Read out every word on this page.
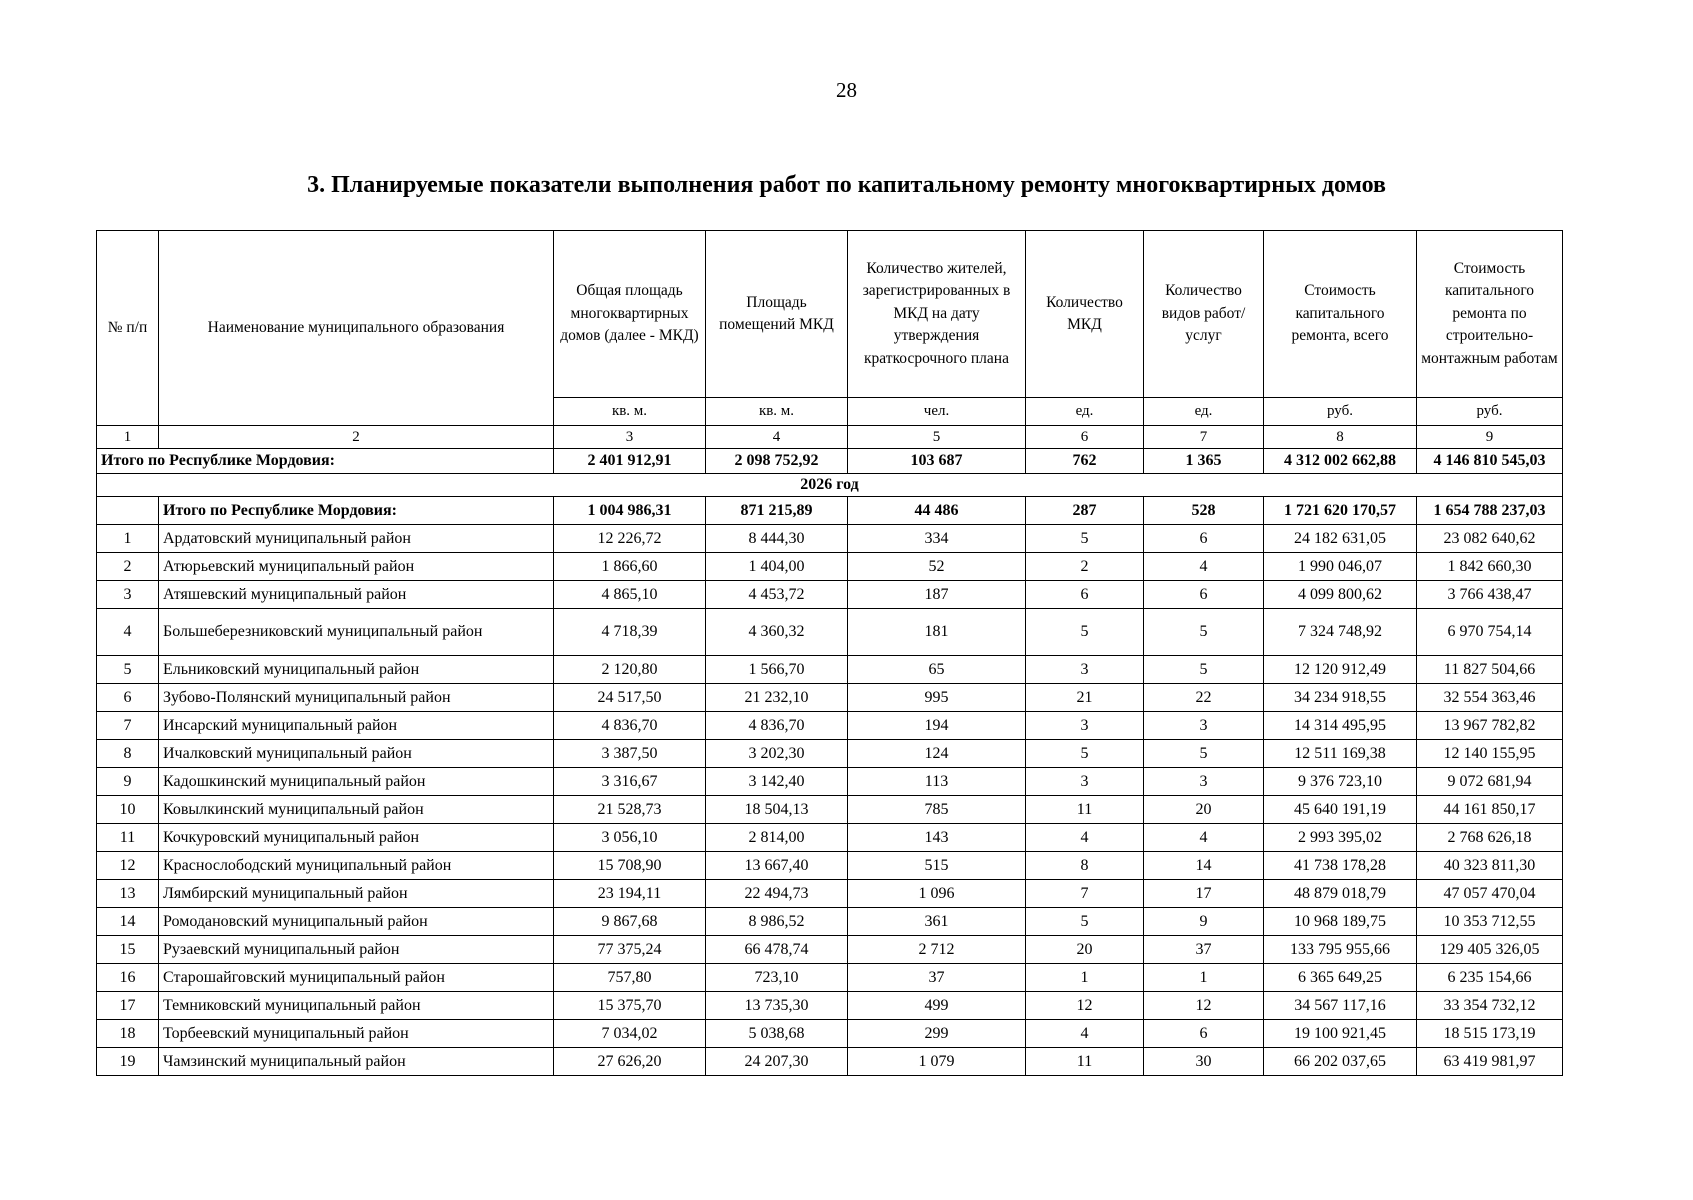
28
3. Планируемые показатели выполнения работ по капитальному ремонту многоквартирных домов
№ п/п	Наименование муниципального образования	Общая площадь многоквартирных домов (далее - МКД)	Площадь помещений МКД	Количество жителей, зарегистрированных в МКД на дату утверждения краткосрочного плана	Количество МКД	Количество видов работ/услуг	Стоимость капитального ремонта, всего	Стоимость капитального ремонта по строительно-монтажным работам
		кв. м.	кв. м.	чел.	ед.	ед.	руб.	руб.
1	2	3	4	5	6	7	8	9
Итого по Республике Мордовия:		2 401 912,91	2 098 752,92	103 687	762	1 365	4 312 002 662,88	4 146 810 545,03
2026 год								
	Итого по Республике Мордовия:	1 004 986,31	871 215,89	44 486	287	528	1 721 620 170,57	1 654 788 237,03
1	Ардатовский муниципальный район	12 226,72	8 444,30	334	5	6	24 182 631,05	23 082 640,62
2	Атюрьевский муниципальный район	1 866,60	1 404,00	52	2	4	1 990 046,07	1 842 660,30
3	Атяшевский муниципальный район	4 865,10	4 453,72	187	6	6	4 099 800,62	3 766 438,47
4	Большеберезниковский муниципальный район	4 718,39	4 360,32	181	5	5	7 324 748,92	6 970 754,14
5	Ельниковский муниципальный район	2 120,80	1 566,70	65	3	5	12 120 912,49	11 827 504,66
6	Зубово-Полянский муниципальный район	24 517,50	21 232,10	995	21	22	34 234 918,55	32 554 363,46
7	Инсарский муниципальный район	4 836,70	4 836,70	194	3	3	14 314 495,95	13 967 782,82
8	Ичалковский муниципальный район	3 387,50	3 202,30	124	5	5	12 511 169,38	12 140 155,95
9	Кадошкинский муниципальный район	3 316,67	3 142,40	113	3	3	9 376 723,10	9 072 681,94
10	Ковылкинский муниципальный район	21 528,73	18 504,13	785	11	20	45 640 191,19	44 161 850,17
11	Кочкуровский муниципальный район	3 056,10	2 814,00	143	4	4	2 993 395,02	2 768 626,18
12	Краснослободский муниципальный район	15 708,90	13 667,40	515	8	14	41 738 178,28	40 323 811,30
13	Лямбирский муниципальный район	23 194,11	22 494,73	1 096	7	17	48 879 018,79	47 057 470,04
14	Ромодановский муниципальный район	9 867,68	8 986,52	361	5	9	10 968 189,75	10 353 712,55
15	Рузаевский муниципальный район	77 375,24	66 478,74	2 712	20	37	133 795 955,66	129 405 326,05
16	Старошайговский муниципальный район	757,80	723,10	37	1	1	6 365 649,25	6 235 154,66
17	Темниковский муниципальный район	15 375,70	13 735,30	499	12	12	34 567 117,16	33 354 732,12
18	Торбеевский муниципальный район	7 034,02	5 038,68	299	4	6	19 100 921,45	18 515 173,19
19	Чамзинский муниципальный район	27 626,20	24 207,30	1 079	11	30	66 202 037,65	63 419 981,97
